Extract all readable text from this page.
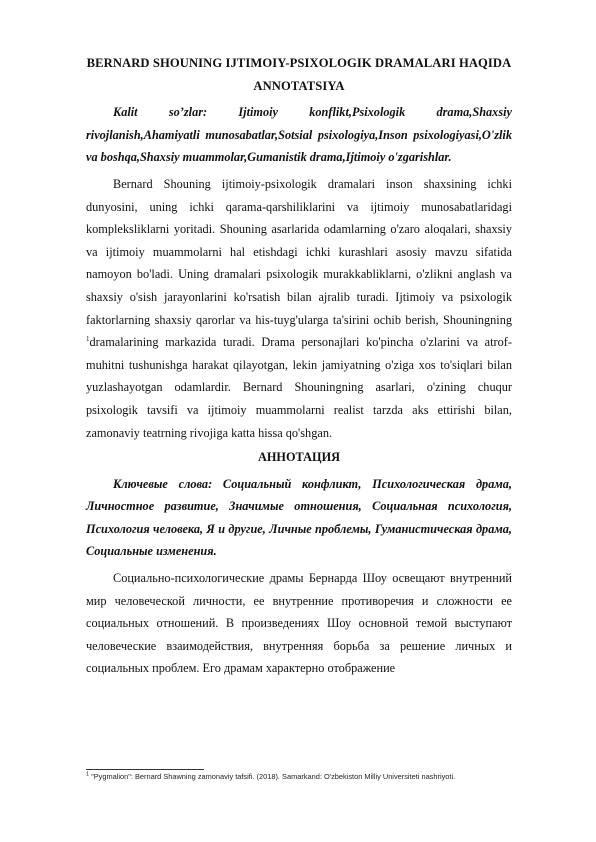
BERNARD SHOUNING IJTIMOIY-PSIXOLOGIK DRAMALARI HAQIDA ANNOTATSIYA

Kalit so’zlar: Ijtimoiy konflikt,Psixologik drama,Shaxsiy rivojlanish,Ahamiyatli munosabatlar,Sotsial psixologiya,Inson psixologiyasi,O'zlik va boshqa,Shaxsiy muammolar,Gumanistik drama,Ijtimoiy o'zgarishlar.

Bernard Shouning ijtimoiy-psixologik dramalari inson shaxsining ichki dunyosini, uning ichki qarama-qarshiliklarini va ijtimoiy munosabatlaridagi kompleksliklarni yoritadi. Shouning asarlarida odamlarning o'zaro aloqalari, shaxsiy va ijtimoiy muammolarni hal etishdagi ichki kurashlari asosiy mavzu sifatida namoyon bo'ladi. Uning dramalari psixologik murakkabliklarni, o'zlikni anglash va shaxsiy o'sish jarayonlarini ko'rsatish bilan ajralib turadi. Ijtimoiy va psixologik faktorlarning shaxsiy qarorlar va his-tuyg'ularga ta'sirini ochib berish, Shouningning $^1$dramalarining markazida turadi. Drama personajlari ko'pincha o'zlarini va atrof-muhitni tushunishga harakat qilayotgan, lekin jamiyatning o'ziga xos to'siqlari bilan yuzlashayotgan odamlardir. Bernard Shouningning asarlari, o'zining chuqur psixologik tavsifi va ijtimoiy muammolarni realist tarzda aks ettirishi bilan, zamonaviy teatrning rivojiga katta hissa qo'shgan.

АННОТАЦИЯ

Ключевые слова: Социальный конфликт, Психологическая драма, Личностное развитие, Значимые отношения, Социальная психология, Психология человека, Я и другие, Личные проблемы, Гуманистическая драма, Социальные изменения.

Социально-психологические драмы Бернарда Шоу освещают внутренний мир человеческой личности, ее внутренние противоречия и сложности ее социальных отношений. В произведениях Шоу основной темой выступают человеческие взаимодействия, внутренняя борьба за решение личных и социальных проблем. Его драмам характерно отображение

$^1$ "Pygmalion": Bernard Shawning zamonaviy tafsifi. (2018). Samarkand: O'zbekiston Milliy Universiteti nashriyoti.
